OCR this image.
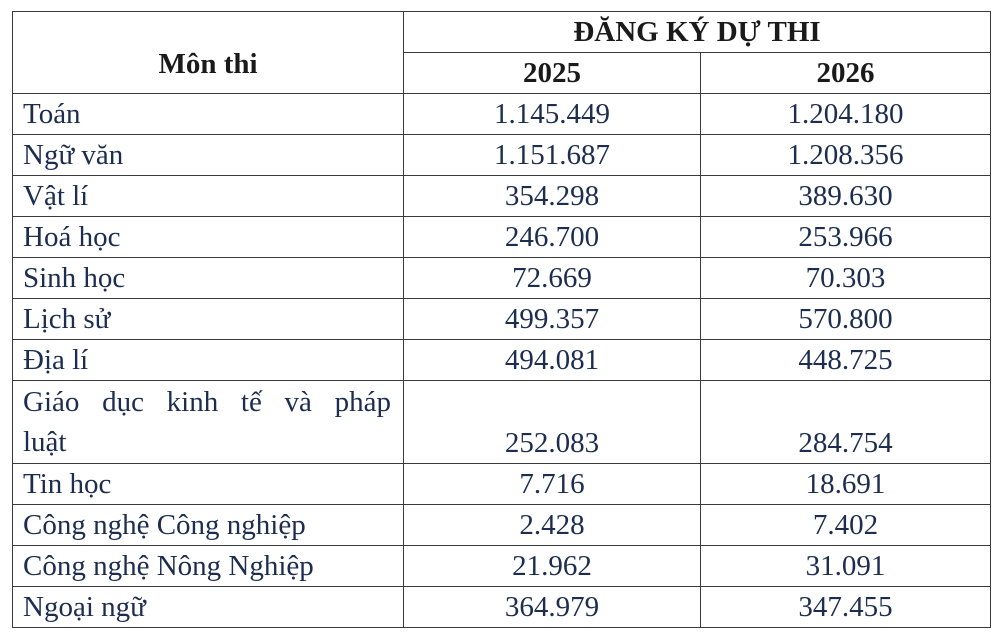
Môn thi	ĐĂNG KÝ DỰ THI	
	2025	2026
Toán	1.145.449	1.204.180
Ngữ văn	1.151.687	1.208.356
Vật lí	354.298	389.630
Hoá học	246.700	253.966
Sinh học	72.669	70.303
Lịch sử	499.357	570.800
Địa lí	494.081	448.725

Giáo dục kinh tế và pháp
luật	252.083	284.754
Tin học	7.716	18.691
Công nghệ Công nghiệp	2.428	7.402
Công nghệ Nông Nghiệp	21.962	31.091
Ngoại ngữ	364.979	347.455
